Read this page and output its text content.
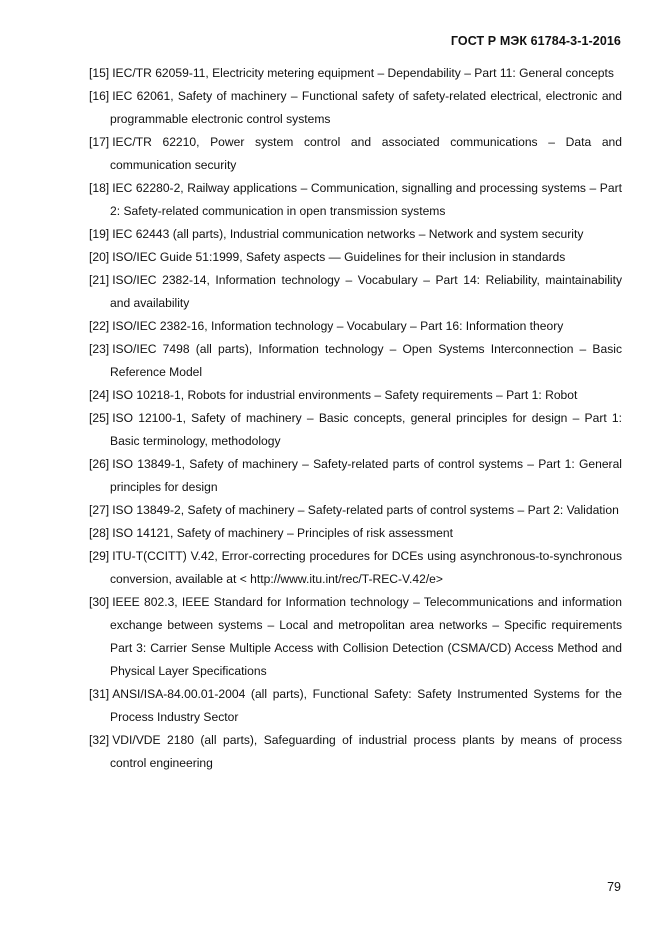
ГОСТ Р МЭК 61784-3-1-2016
[15] IEC/TR 62059-11, Electricity metering equipment – Dependability – Part 11: General concepts
[16] IEC 62061, Safety of machinery – Functional safety of safety-related electrical, electronic and programmable electronic control systems
[17] IEC/TR 62210, Power system control and associated communications – Data and communication security
[18] IEC 62280-2, Railway applications – Communication, signalling and processing systems – Part 2: Safety-related communication in open transmission systems
[19] IEC 62443 (all parts), Industrial communication networks – Network and system security
[20] ISO/IEC Guide 51:1999, Safety aspects — Guidelines for their inclusion in standards
[21] ISO/IEC 2382-14, Information technology – Vocabulary – Part 14: Reliability, maintainability and availability
[22] ISO/IEC 2382-16, Information technology – Vocabulary – Part 16: Information theory
[23] ISO/IEC 7498 (all parts), Information technology – Open Systems Interconnection – Basic Reference Model
[24] ISO 10218-1, Robots for industrial environments – Safety requirements – Part 1: Robot
[25] ISO 12100-1, Safety of machinery – Basic concepts, general principles for design – Part 1: Basic terminology, methodology
[26] ISO 13849-1, Safety of machinery – Safety-related parts of control systems – Part 1: General principles for design
[27] ISO 13849-2, Safety of machinery – Safety-related parts of control systems – Part 2: Validation
[28] ISO 14121, Safety of machinery – Principles of risk assessment
[29] ITU-T(CCITT) V.42, Error-correcting procedures for DCEs using asynchronous-to-synchronous conversion, available at < http://www.itu.int/rec/T-REC-V.42/e>
[30] IEEE 802.3, IEEE Standard for Information technology – Telecommunications and information exchange between systems – Local and metropolitan area networks – Specific requirements Part 3: Carrier Sense Multiple Access with Collision Detection (CSMA/CD) Access Method and Physical Layer Specifications
[31] ANSI/ISA-84.00.01-2004 (all parts), Functional Safety: Safety Instrumented Systems for the Process Industry Sector
[32] VDI/VDE 2180 (all parts), Safeguarding of industrial process plants by means of process control engineering
79
